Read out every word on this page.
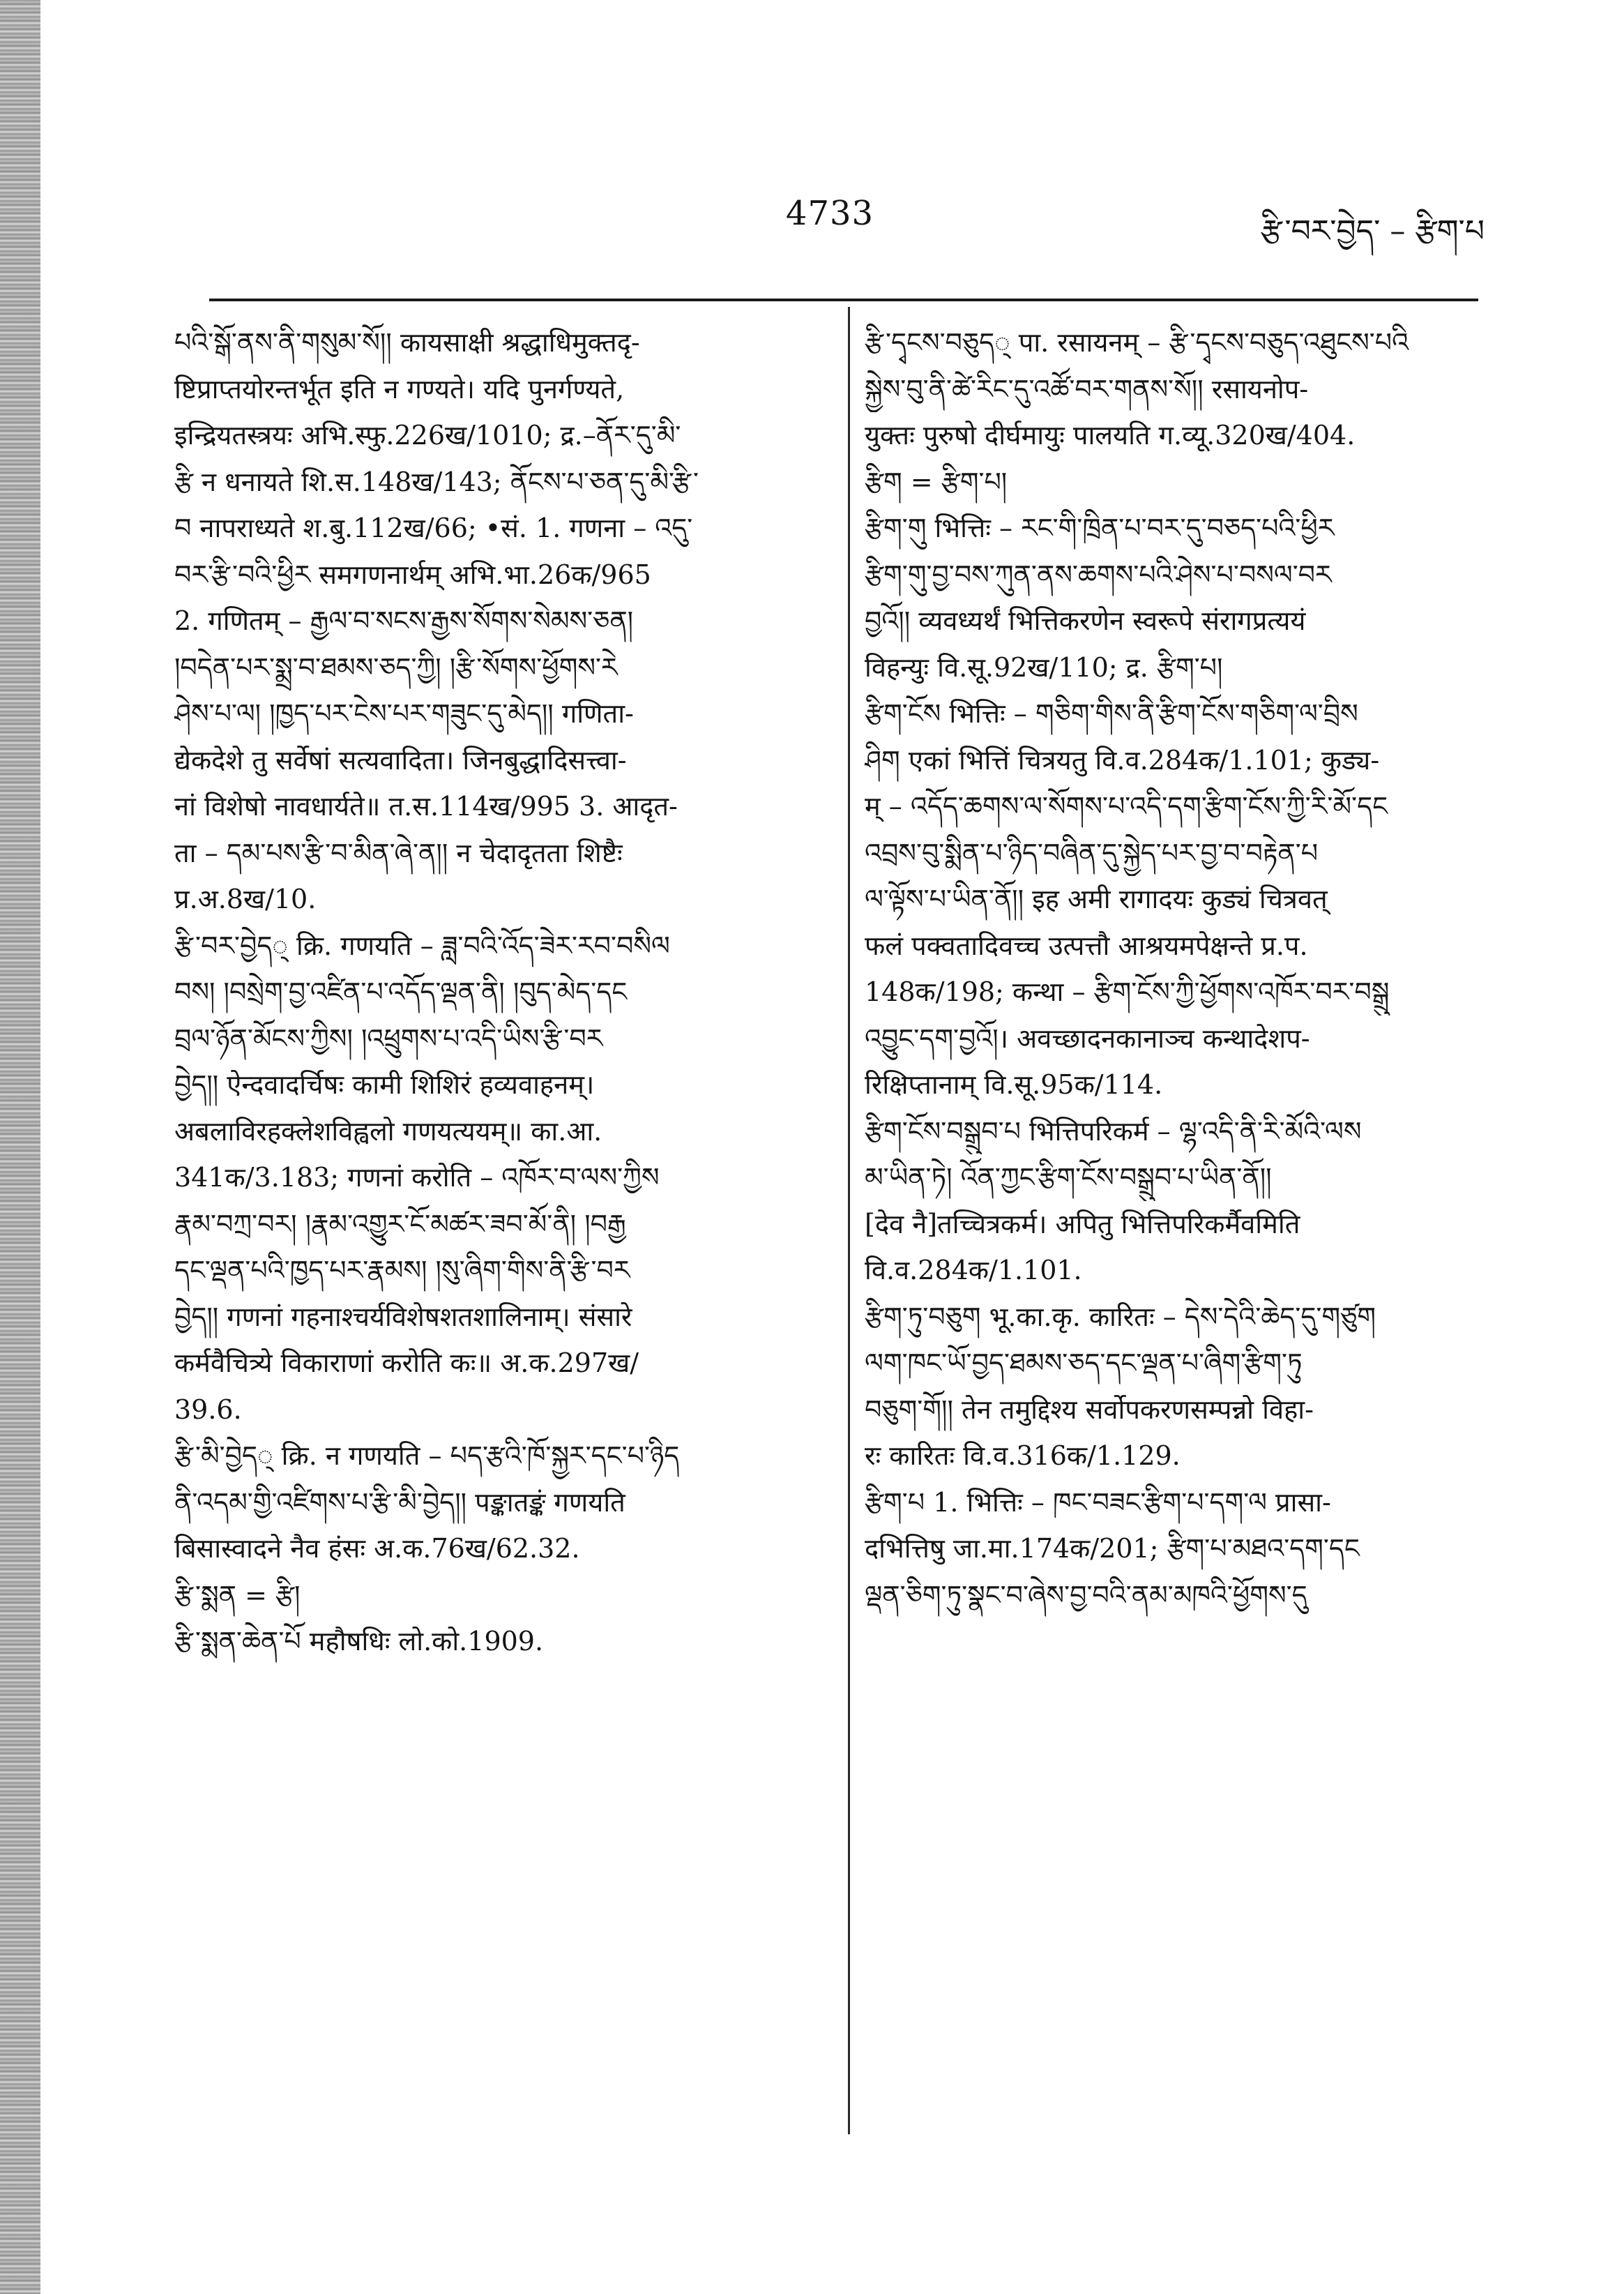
4733	རྩི་བར་བྱེད་ – རྩིག་པ
པའི་སྒོ་ནས་ནི་གསུམ་སོ།། कायसाक्षी श्रद्धाधिमुक्तदृ-
ष्टिप्राप्तयोरन्तर्भूत इति न गण्यते। यदि पुनर्गण्यते,
इन्द्रियतस्त्रयः अभि.स्फु.226ख/1010; द्र.–ནོར་དུ་མི་
རྩི न धनायते शि.स.148ख/143; ནོངས་པ་ཅན་དུ་མི་རྩི་
བ नापराध्यते श.बु.112ख/66; •सं. 1. गणना – འདུ་
བར་རྩི་བའི་ཕྱིར समगणनार्थम् अभि.भा.26क/965
2. गणितम् – རྒྱལ་བ་སངས་རྒྱས་སོགས་སེམས་ཅན།
།བདེན་པར་སྨྲ་བ་ཐམས་ཅད་ཀྱི། །རྩི་སོགས་ཕྱོགས་རེ
ཤེས་པ་ལ། །ཁྱད་པར་ངེས་པར་གཟུང་དུ་མེད།། गणिता-
द्येकदेशे तु सर्वेषां सत्यवादिता। जिनबुद्धादिसत्त्वा-
नां विशेषो नावधार्यते॥ त.स.114ख/995 3. आदृत-
ता – དམ་པས་རྩི་བ་མིན་ཞེ་ན།། न चेदादृतता शिष्टैः
प्र.अ.8ख/10.
རྩི་བར་བྱེད् क्रि. गणयति – ཟླ་བའི་འོད་ཟེར་རབ་བསིལ
བས། །བསྲེག་བྱ་འཛིན་པ་འདོད་ལྡན་ནི། །བུད་མེད་དང
བྲལ་ཉོན་མོངས་ཀྱིས། །འཕྲུགས་པ་འདི་ཡིས་རྩི་བར
བྱེད།། ऐन्दवादर्चिषः कामी शिशिरं हव्यवाहनम्।
अबलाविरहक्लेशविह्वलो गणयत्ययम्॥ का.आ.
341क/3.183; गणनां करोति – འཁོར་བ་ལས་ཀྱིས
རྣམ་བཀྲ་བར། །རྣམ་འགྱུར་ངོ་མཚར་ཟབ་མོ་ནི། །བརྒྱ
དང་ལྡན་པའི་ཁྱད་པར་རྣམས། །སུ་ཞིག་གིས་ནི་རྩི་བར
བྱེད།། गणनां गहनाश्चर्यविशेषशतशालिनाम्। संसारे
कर्मवैचित्र्ये विकाराणां करोति कः॥ अ.क.297ख/
39.6.
རྩི་མི་བྱེད् क्रि. न गणयति – པད་རྩའི་ཁོ་སྐྱར་དང་པ་ཉིད
ནི་འདམ་གྱི་འཛིགས་པ་རྩི་མི་བྱེད།། पङ्कातङ्कं गणयति
बिसास्वादने नैव हंसः अ.क.76ख/62.32.
རྩི་སྨན = རྩི།
རྩི་སྨན་ཆེན་པོ महौषधिः लो.को.1909.
རྩི་དྭངས་བཅུད् पा. रसायनम् – རྩི་དྭངས་བཅུད་འཐུངས་པའི
སྐྱེས་བུ་ནི་ཚེ་རིང་དུ་འཚོ་བར་གནས་སོ།། रसायनोप-
युक्तः पुरुषो दीर्घमायुः पालयति ग.व्यू.320ख/404.
རྩིག = རྩིག་པ།
རྩིག་གུ भित्तिः – རང་གི་ཁྲིན་པ་བར་དུ་བཅད་པའི་ཕྱིར
རྩིག་གུ་བྱ་བས་ཀུན་ནས་ཆགས་པའི་ཤེས་པ་བསལ་བར
བྱའོ།། व्यवध्यर्थं भित्तिकरणेन स्वरूपे संरागप्रत्ययं
विहन्युः वि.सू.92ख/110; द्र. རྩིག་པ།
རྩིག་ངོས भित्तिः – གཅིག་གིས་ནི་རྩིག་ངོས་གཅིག་ལ་བྲིས
ཤིག एकां भित्तिं चित्रयतु वि.व.284क/1.101; कुड्य-
म् – འདོད་ཆགས་ལ་སོགས་པ་འདི་དག་རྩིག་ངོས་ཀྱི་རི་མོ་དང
འབྲས་བུ་སྨིན་པ་ཉིད་བཞིན་དུ་སྐྱེད་པར་བྱ་བ་བརྟེན་པ
ལ་ལྟོས་པ་ཡིན་ནོ།། इह अमी रागादयः कुड्यं चित्रवत्
फलं पक्वतादिवच्च उत्पत्तौ आश्रयमपेक्षन्ते प्र.प.
148क/198; कन्था – རྩིག་ངོས་ཀྱི་ཕྱོགས་འཁོར་བར་བསྒྲུ
འབྱུང་དག་བྱའོ།। अवच्छादनकानाञ्च कन्थादेशप-
रिक्षिप्तानाम् वि.सू.95क/114.
རྩིག་ངོས་བསྒྲུབ་པ भित्तिपरिकर्म – ལྷ་འདི་ནི་རི་མོའི་ལས
མ་ཡིན་ཏེ། འོན་ཀྱང་རྩིག་ངོས་བསྒྲུབ་པ་ཡིན་ནོ།།
[देव नै]तच्चित्रकर्म। अपितु भित्तिपरिकर्मैवमिति
वि.व.284क/1.101.
རྩིག་ཏུ་བཅུག भू.का.कृ. कारितः – དེས་དེའི་ཆེད་དུ་གཙུག
ལག་ཁང་ཡོ་བྱད་ཐམས་ཅད་དང་ལྡན་པ་ཞིག་རྩིག་ཏུ
བཅུག་གོ།། तेन तमुद्दिश्य सर्वोपकरणसम्पन्नो विहा-
रः कारितः वि.व.316क/1.129.
རྩིག་པ 1. भित्तिः – ཁང་བཟང་རྩིག་པ་དག་ལ प्रासा-
दभित्तिषु जा.मा.174क/201; རྩིག་པ་མཐའ་དག་དང
ལྡན་ཅིག་ཏུ་སྣང་བ་ཞེས་བྱ་བའི་ནམ་མཁའི་ཕྱོགས་དུ
